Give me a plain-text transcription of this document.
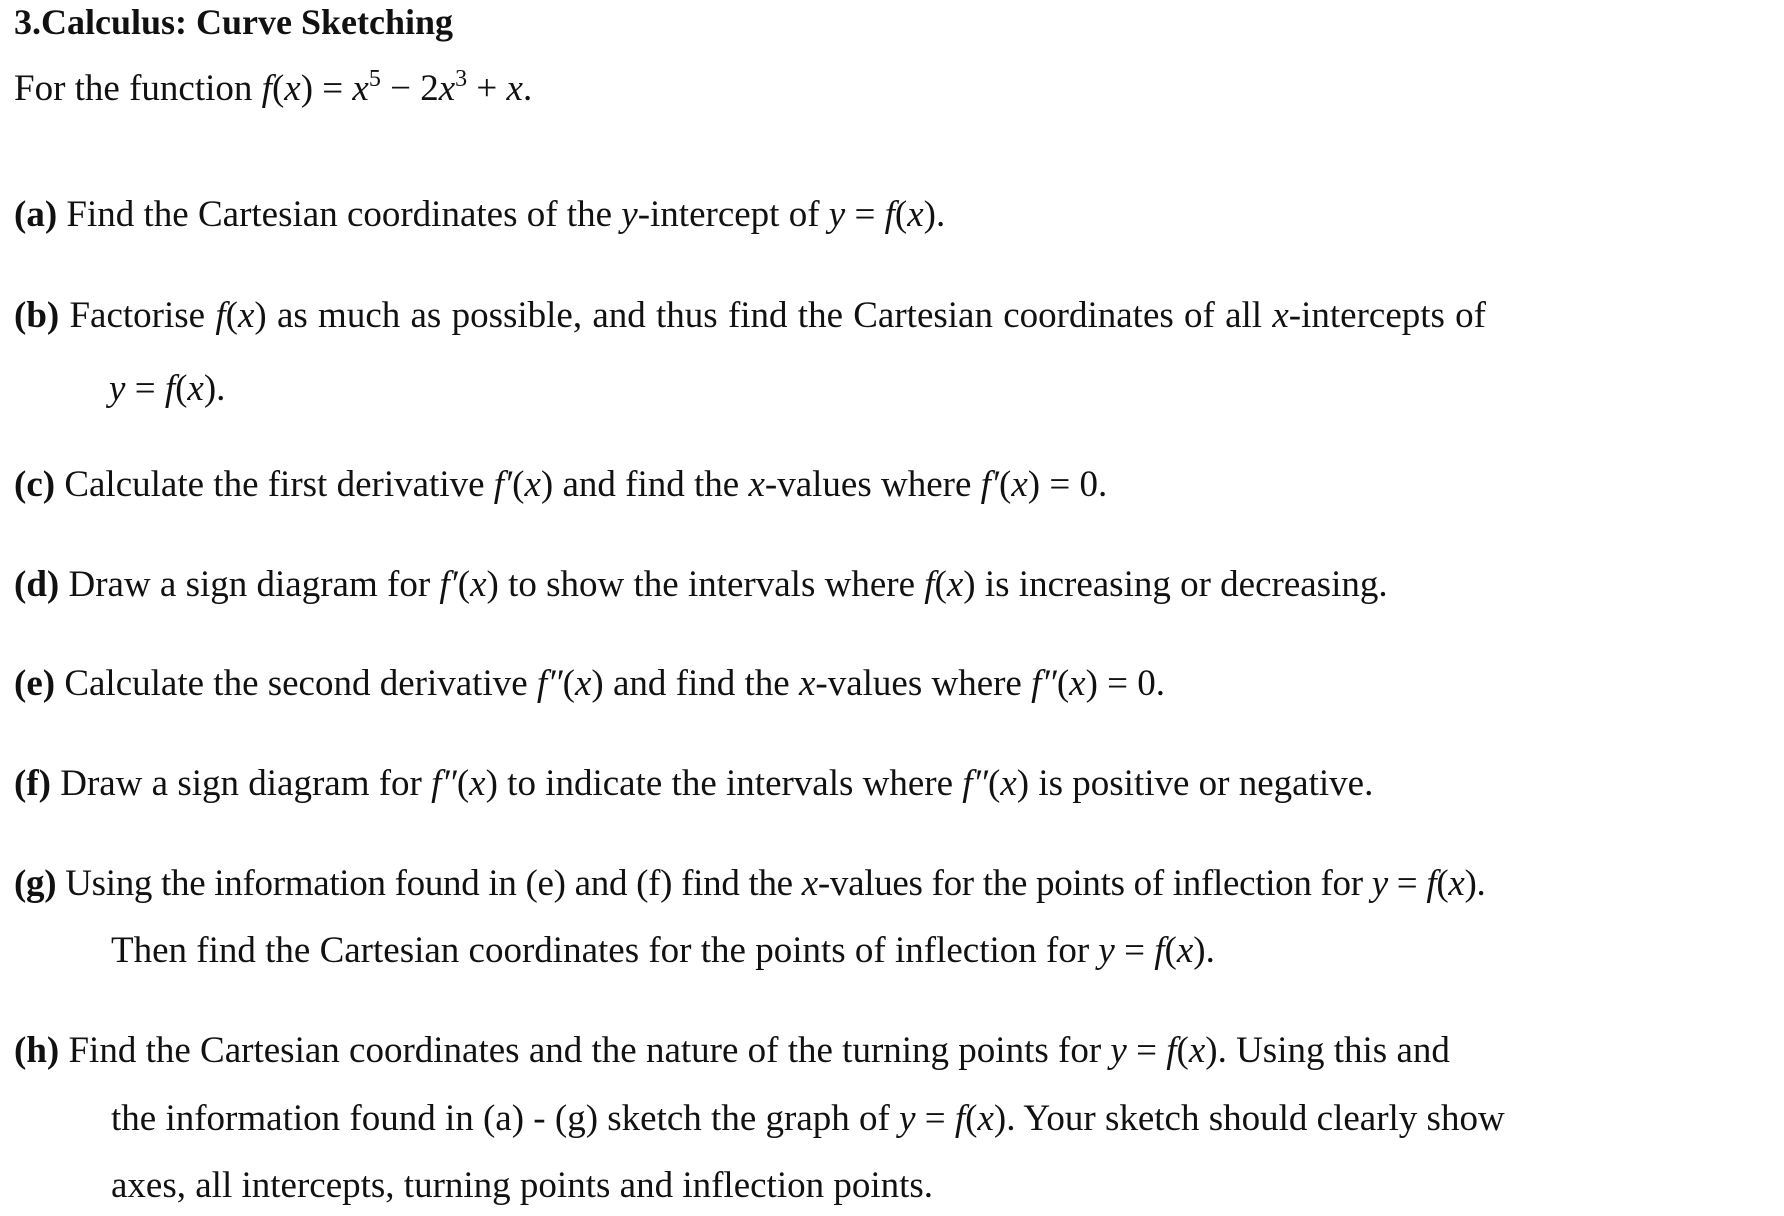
3.Calculus: Curve Sketching
For the function $f(x) = x^5 - 2x^3 + x$.
(a) Find the Cartesian coordinates of the y-intercept of y = f(x).
(b) Factorise f(x) as much as possible, and thus find the Cartesian coordinates of all x-intercepts of
y = f(x).
(c) Calculate the first derivative f′(x) and find the x-values where f′(x) = 0.
(d) Draw a sign diagram for f′(x) to show the intervals where f(x) is increasing or decreasing.
(e) Calculate the second derivative f″(x) and find the x-values where f″(x) = 0.
(f) Draw a sign diagram for f″(x) to indicate the intervals where f″(x) is positive or negative.
(g) Using the information found in (e) and (f) find the x-values for the points of inflection for y = f(x).
Then find the Cartesian coordinates for the points of inflection for y = f(x).
(h) Find the Cartesian coordinates and the nature of the turning points for y = f(x). Using this and
the information found in (a) - (g) sketch the graph of y = f(x). Your sketch should clearly show
axes, all intercepts, turning points and inflection points.
